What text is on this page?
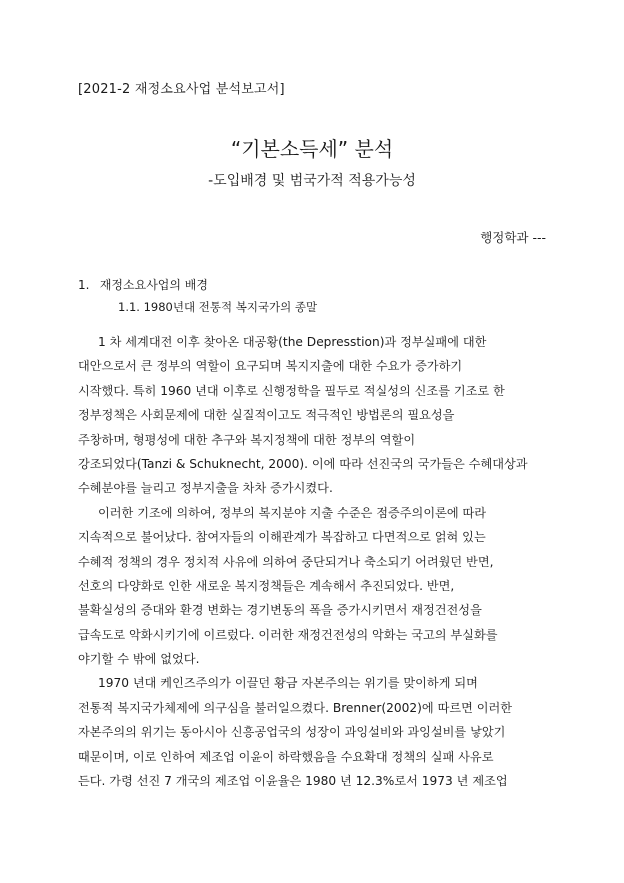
[2021-2 재정소요사업 분석보고서]
“기본소득세” 분석
-도입배경 및 범국가적 적용가능성
행정학과 ---
1. 재정소요사업의 배경
1.1. 1980년대 전통적 복지국가의 종말
1 차 세계대전 이후 찾아온 대공황(the Depresstion)과 정부실패에 대한
대안으로서 큰 정부의 역할이 요구되며 복지지출에 대한 수요가 증가하기
시작했다. 특히 1960 년대 이후로 신행정학을 필두로 적실성의 신조를 기조로 한
정부정책은 사회문제에 대한 실질적이고도 적극적인 방법론의 필요성을
주창하며, 형평성에 대한 추구와 복지정책에 대한 정부의 역할이
강조되었다(Tanzi & Schuknecht, 2000). 이에 따라 선진국의 국가들은 수혜대상과
수혜분야를 늘리고 정부지출을 차차 증가시켰다.
이러한 기조에 의하여, 정부의 복지분야 지출 수준은 점증주의이론에 따라
지속적으로 불어났다. 참여자들의 이해관계가 복잡하고 다면적으로 얽혀 있는
수혜적 정책의 경우 정치적 사유에 의하여 중단되거나 축소되기 어려웠던 반면,
선호의 다양화로 인한 새로운 복지정책들은 계속해서 추진되었다. 반면,
불확실성의 증대와 환경 변화는 경기변동의 폭을 증가시키면서 재정건전성을
급속도로 악화시키기에 이르렀다. 이러한 재정건전성의 악화는 국고의 부실화를
야기할 수 밖에 없었다.
1970 년대 케인즈주의가 이끌던 황금 자본주의는 위기를 맞이하게 되며
전통적 복지국가체제에 의구심을 불러일으켰다. Brenner(2002)에 따르면 이러한
자본주의의 위기는 동아시아 신흥공업국의 성장이 과잉설비와 과잉설비를 낳았기
때문이며, 이로 인하여 제조업 이윤이 하락했음을 수요확대 정책의 실패 사유로
든다. 가령 선진 7 개국의 제조업 이윤율은 1980 년 12.3%로서 1973 년 제조업
